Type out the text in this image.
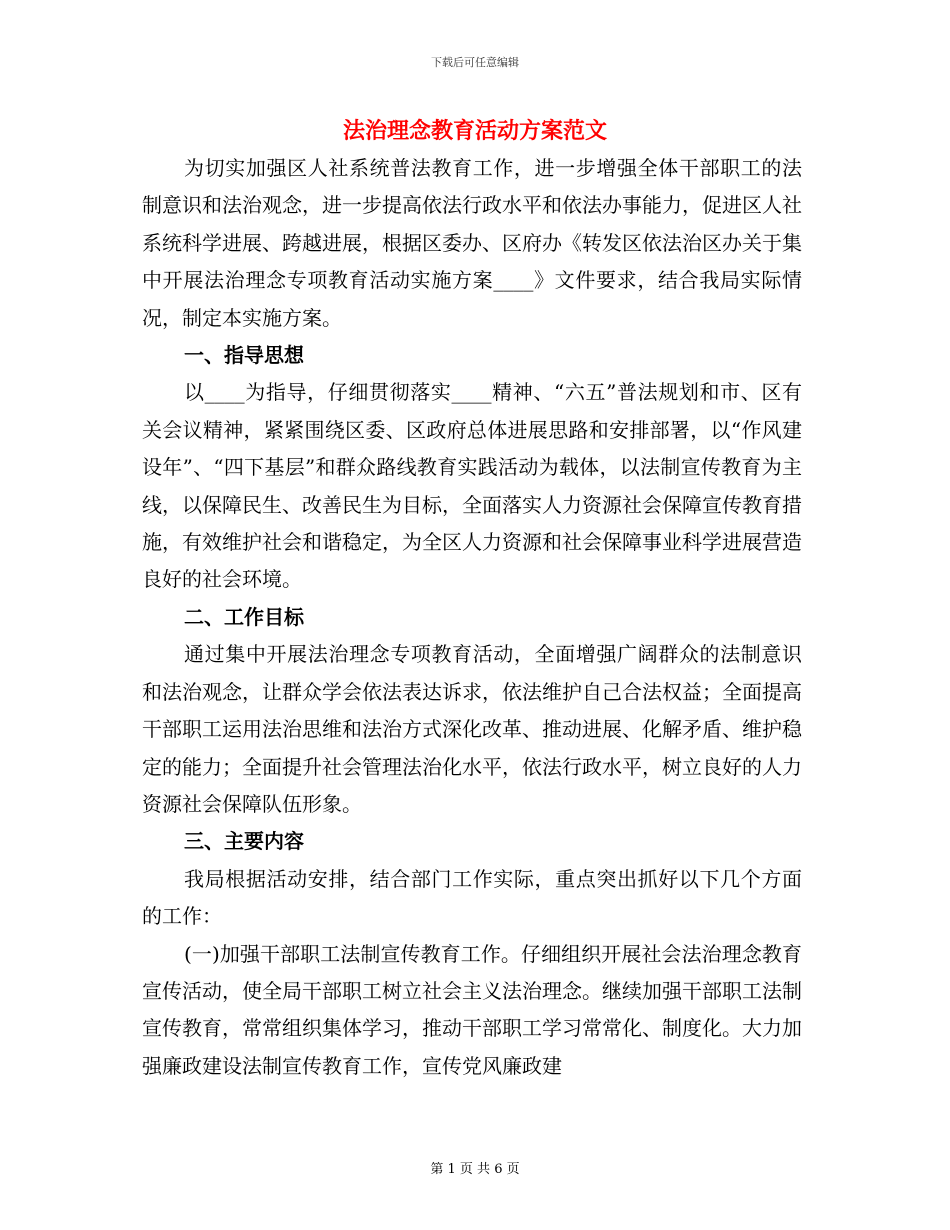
下载后可任意编辑
法治理念教育活动方案范文

为切实加强区人社系统普法教育工作，进一步增强全体干部职工的法制意识和法治观念，进一步提高依法行政水平和依法办事能力，促进区人社系统科学进展、跨越进展，根据区委办、区府办《转发区依法治区办关于集中开展法治理念专项教育活动实施方案____》文件要求，结合我局实际情况，制定本实施方案。

一、指导思想

以____为指导，仔细贯彻落实____精神、“六五”普法规划和市、区有关会议精神，紧紧围绕区委、区政府总体进展思路和安排部署，以“作风建设年”、“四下基层”和群众路线教育实践活动为载体，以法制宣传教育为主线，以保障民生、改善民生为目标，全面落实人力资源社会保障宣传教育措施，有效维护社会和谐稳定，为全区人力资源和社会保障事业科学进展营造良好的社会环境。

二、工作目标

通过集中开展法治理念专项教育活动，全面增强广阔群众的法制意识和法治观念，让群众学会依法表达诉求，依法维护自己合法权益；全面提高干部职工运用法治思维和法治方式深化改革、推动进展、化解矛盾、维护稳定的能力；全面提升社会管理法治化水平，依法行政水平，树立良好的人力资源社会保障队伍形象。

三、主要内容

我局根据活动安排，结合部门工作实际，重点突出抓好以下几个方面的工作：

(一)加强干部职工法制宣传教育工作。仔细组织开展社会法治理念教育宣传活动，使全局干部职工树立社会主义法治理念。继续加强干部职工法制宣传教育，常常组织集体学习，推动干部职工学习常常化、制度化。大力加强廉政建设法制宣传教育工作，宣传党风廉政建

第 1 页 共 6 页
